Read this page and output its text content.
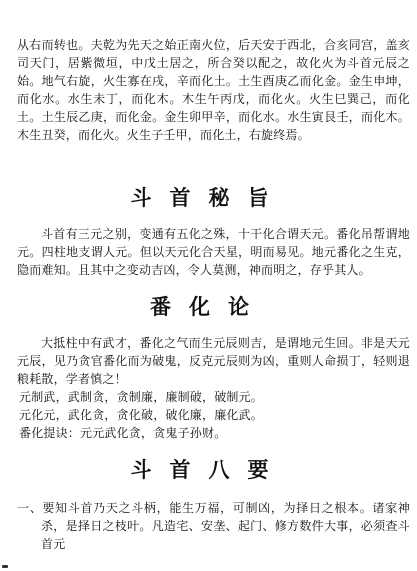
从右而转也。夫乾为先天之始正南火位，后天安于西北，合亥同宫，盖亥司天门，居紫微垣，中戊土居之，所合癸以配之，故化火为斗首元辰之始。地气右旋，火生寡在戌，辛而化土。土生酉庚乙而化金。金生申坤，而化水。水生未丁，而化木。木生午丙戊，而化火。火生巳巽己，而化土。土生辰乙庚，而化金。金生卯甲辛，而化水。水生寅艮壬，而化木。木生丑癸，而化火。火生子壬甲，而化土，右旋终焉。

斗首秘旨

斗首有三元之别，变通有五化之殊，十干化合谓天元。番化吊帮谓地元。四柱地支谓人元。但以天元化合天星，明而易见。地元番化之生克，隐而难知。且其中之变动吉凶，令人莫测，神而明之，存乎其人。

番化论

大抵柱中有武才，番化之气而生元辰则吉，是谓地元生回。非是天元元辰，见乃贪官番化而为破鬼，反克元辰则为凶，重则人命损丁，轻则退粮耗散，学者慎之！

元制武，武制贪，贪制廉，廉制破，破制元。

元化元，武化贪，贪化破，破化廉，廉化武。

番化提诀：元元武化贪，贪鬼子孙财。

斗首八要

一、要知斗首乃天之斗柄，能生万福，可制凶，为择日之根本。诸家神杀，是择日之枝叶。凡造宅、安垄、起门、修方数件大事，必须查斗首元
